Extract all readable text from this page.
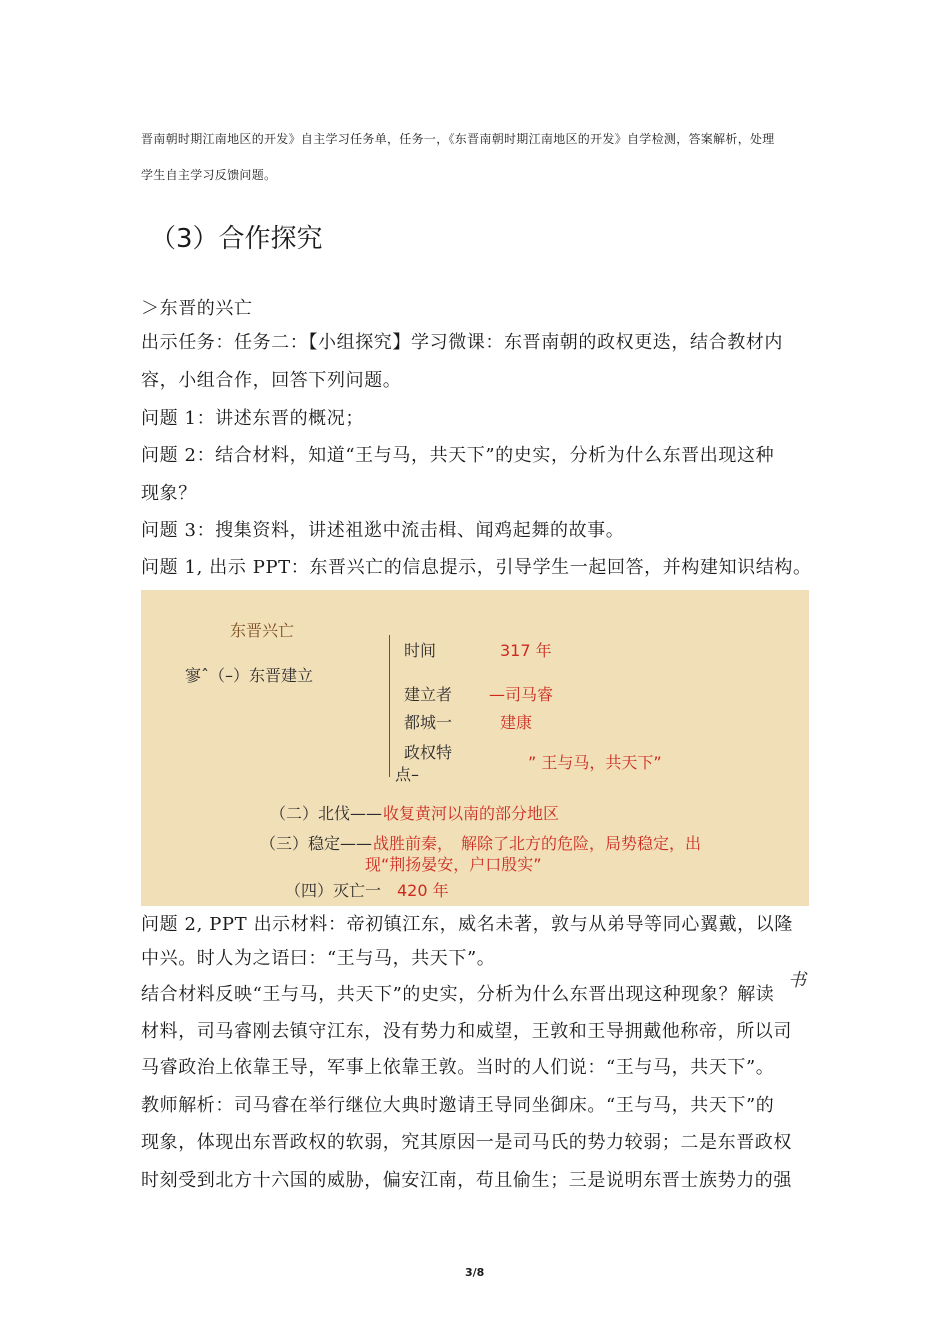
晋南朝时期江南地区的开发》自主学习任务单，任务一，《东晋南朝时期江南地区的开发》自学检测，答案解析，处理
学生自主学习反馈问题。
（3）合作探究
＞东晋的兴亡
出示任务：任务二：【小组探究】学习微课：东晋南朝的政权更迭，结合教材内
容，小组合作，回答下列问题。
问题 1：讲述东晋的概况；
问题 2：结合材料，知道“王与马，共天下”的史实，分析为什么东晋出现这种
现象？
问题 3：搜集资料，讲述祖逖中流击楫、闻鸡起舞的故事。
问题 1, 出示 PPT：东晋兴亡的信息提示，引导学生一起回答，并构建知识结构。
东晋兴亡
寥ˆ（–）东晋建立
时间	317 年
建立者 —司马睿
都城一	建康
政权特
点–
” 王与马，共天下”
（二）北伐—— 收复黄河以南的部分地区
（三）稳定—— 战胜前秦，　解除了北方的危险，局势稳定，出
现“荆扬晏安，户口殷实”
（四）灭亡一 420 年
问题 2, PPT 出示材料：帝初镇江东，威名未著，敦与从弟导等同心翼戴，以隆
中兴。时人为之语曰：“王与马，共天下”。
结合材料反映“王与马，共天下”的史实，分析为什么东晋出现这种现象？解读
书
材料，司马睿刚去镇守江东，没有势力和威望，王敦和王导拥戴他称帝，所以司
马睿政治上依靠王导，军事上依靠王敦。当时的人们说：“王与马，共天下”。
教师解析：司马睿在举行继位大典时邀请王导同坐御床。“王与马，共天下”的
现象，体现出东晋政权的软弱，究其原因一是司马氏的势力较弱；二是东晋政权
时刻受到北方十六国的威胁，偏安江南，苟且偷生；三是说明东晋士族势力的强
3/8
